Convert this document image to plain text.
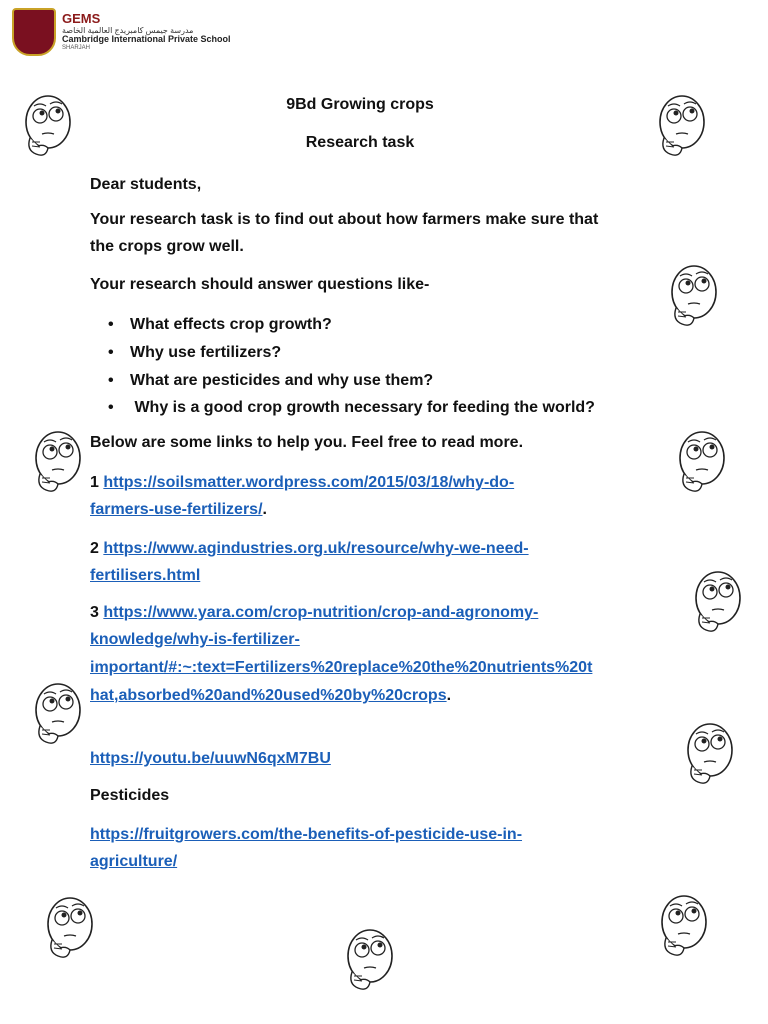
GEMS
مدرسة جيمس كامبريدج العالمية الخاصة
Cambridge International Private School
SHARJAH
9Bd Growing crops
Research task
Dear students,
Your research task is to find out about how farmers make sure that
the crops grow well.
Your research should answer questions like-
• What effects crop growth?
• Why use fertilizers?
• What are pesticides and why use them?
• Why is a good crop growth necessary for feeding the world?
Below are some links to help you. Feel free to read more.
1 https://soilsmatter.wordpress.com/2015/03/18/why-do-
farmers-use-fertilizers/.
2 https://www.agindustries.org.uk/resource/why-we-need-
fertilisers.html
3 https://www.yara.com/crop-nutrition/crop-and-agronomy-
knowledge/why-is-fertilizer-
important/#:~:text=Fertilizers%20replace%20the%20nutrients%20t
hat,absorbed%20and%20used%20by%20crops.
https://youtu.be/uuwN6qxM7BU
Pesticides
https://fruitgrowers.com/the-benefits-of-pesticide-use-in-
agriculture/
